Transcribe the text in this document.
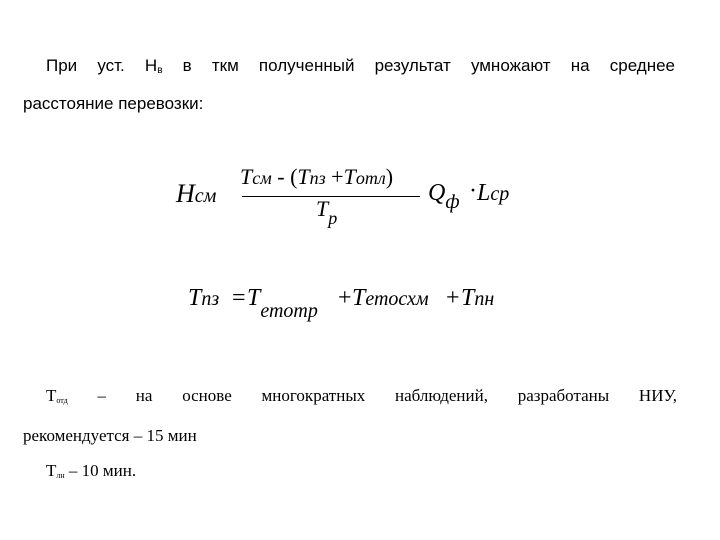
При уст. $Н_в$ в ткм полученный результат умножают на среднее
расстояние перевозки:
Hсм
Tсм - (Tпз +Tотл)
$T_p$
$Q_ф$ · Lcp
Tпз = $T_{етотр}$ + Tетосхм + Tпн
$Т_{отд}$ – на основе многократных наблюдений, разработаны НИУ,
рекомендуется – 15 мин
$Т_{лн} - 10$ мин.
